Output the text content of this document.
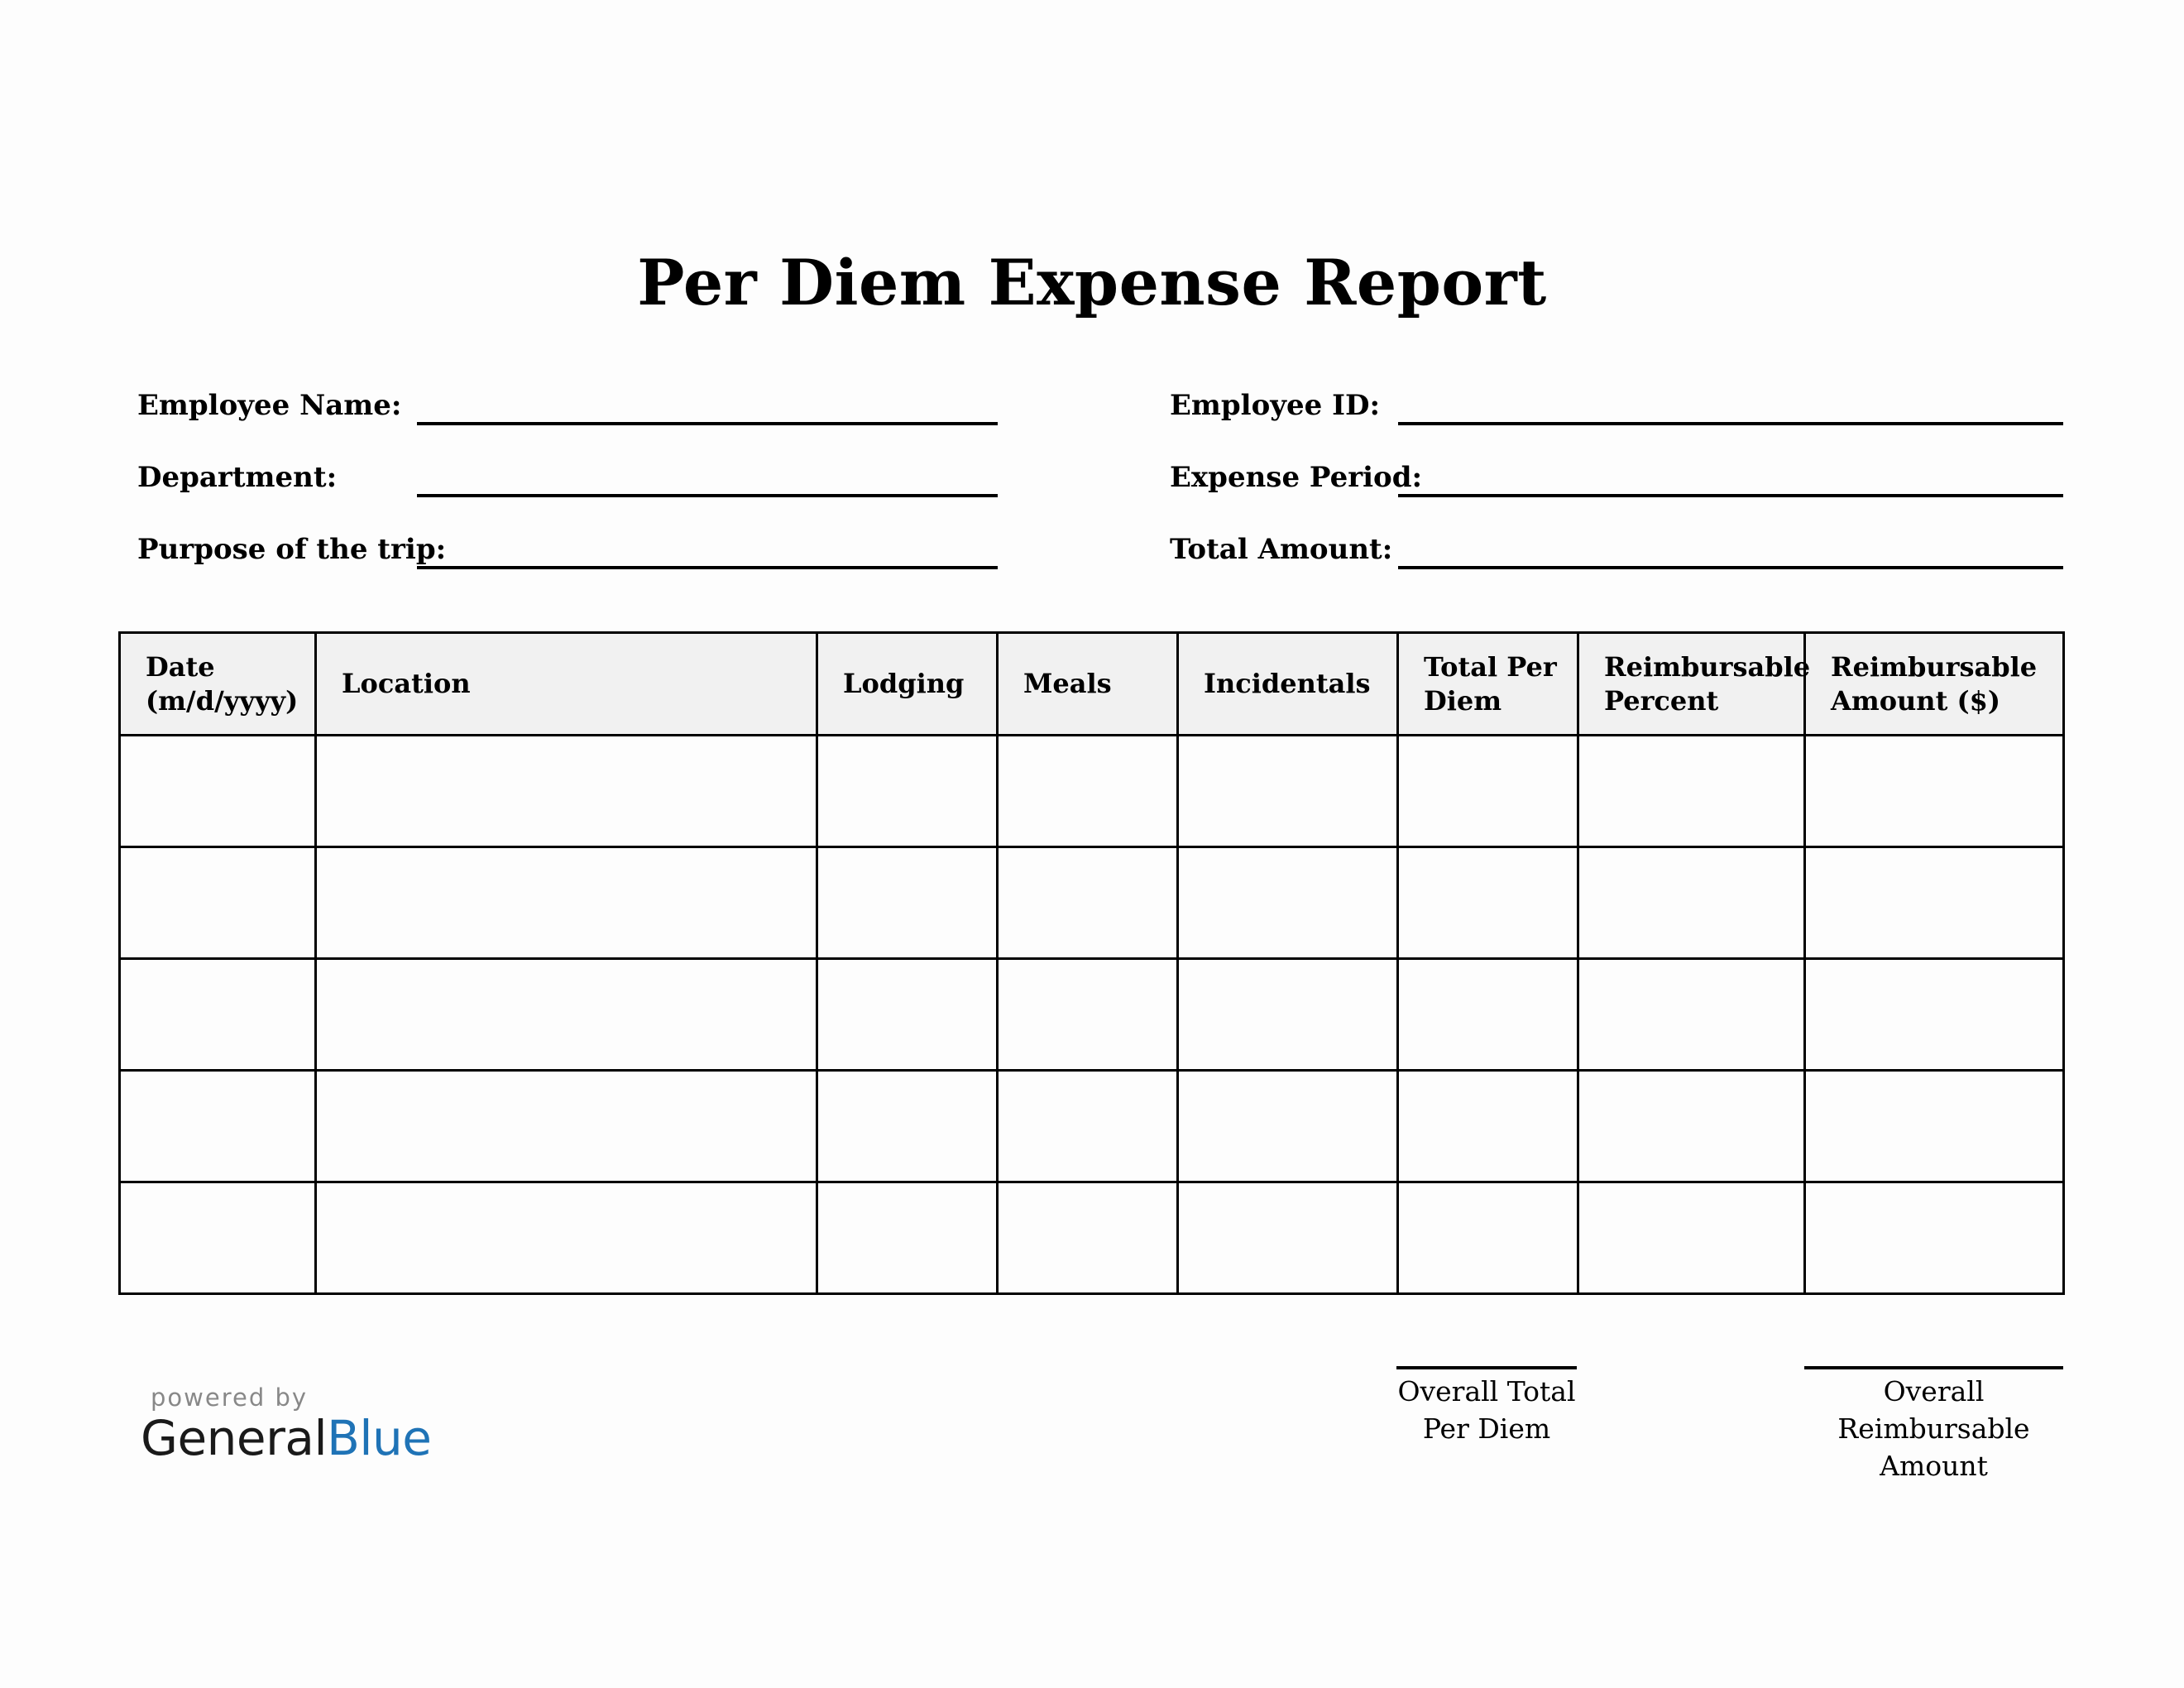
Per Diem Expense Report
Employee Name:
Department:
Purpose of the trip:
Employee ID:
Expense Period:
Total Amount:
Date (m/d/yyyy)	Location	Lodging	Meals	Incidentals	Total Per Diem	Reimbursable Percent	Reimbursable Amount ($)

Overall Total Per Diem
Overall Reimbursable Amount
powered by
GeneralBlue
